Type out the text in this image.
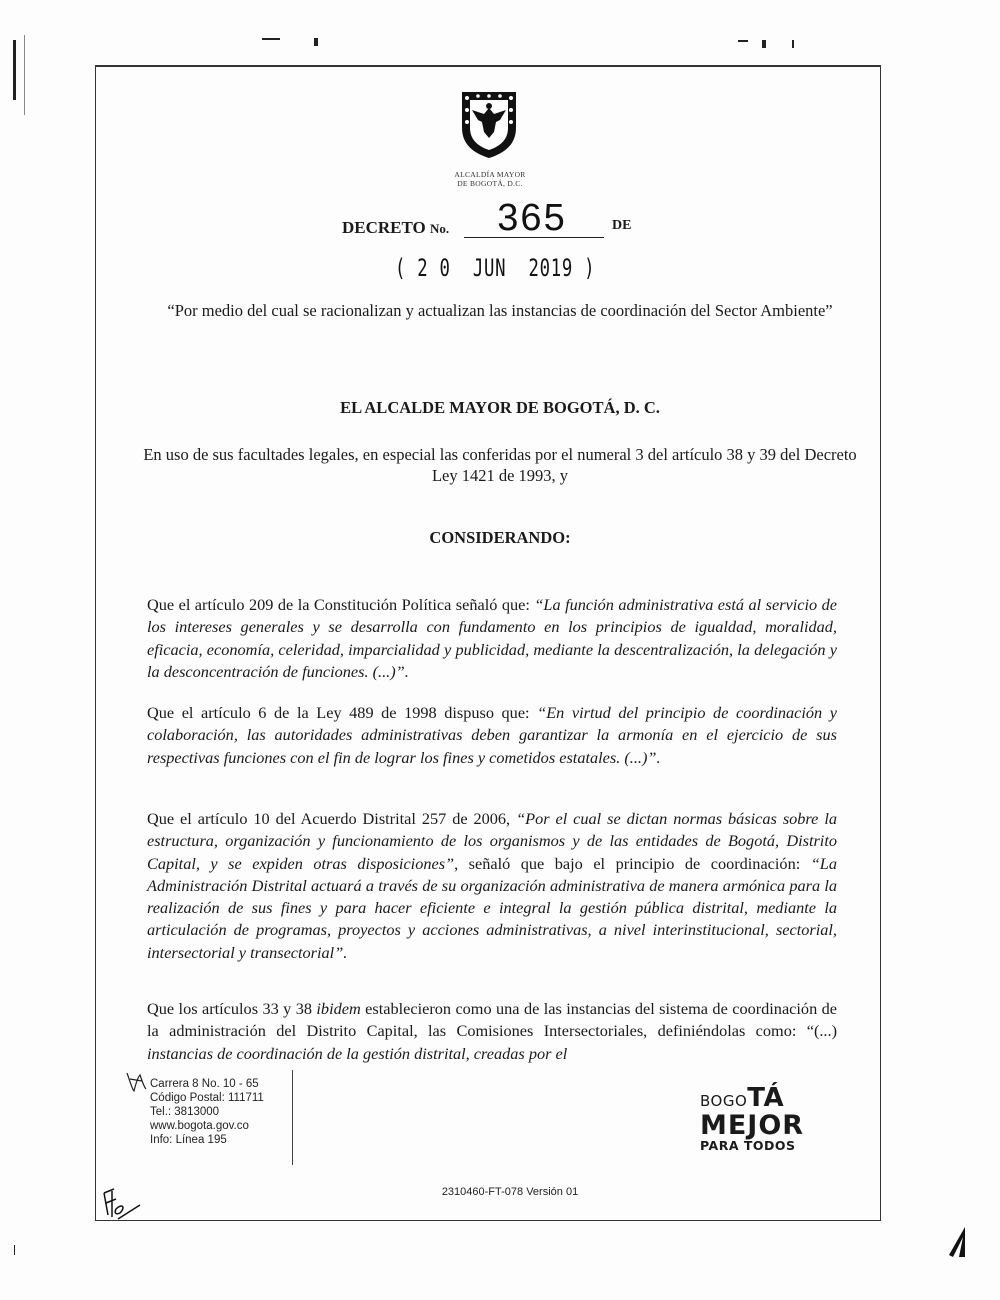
ALCALDÍA MAYOR
DE BOGOTÁ, D.C.
DECRETO No.	365	DE
( 2 0  JUN  2019 )
“Por medio del cual se racionalizan y actualizan las instancias de coordinación del Sector Ambiente”
EL ALCALDE MAYOR DE BOGOTÁ, D. C.
En uso de sus facultades legales, en especial las conferidas por el numeral 3 del artículo 38 y 39 del Decreto Ley 1421 de 1993, y
CONSIDERANDO:
Que el artículo 209 de la Constitución Política señaló que: “La función administrativa está al servicio de los intereses generales y se desarrolla con fundamento en los principios de igualdad, moralidad, eficacia, economía, celeridad, imparcialidad y publicidad, mediante la descentralización, la delegación y la desconcentración de funciones. (...)”.
Que el artículo 6 de la Ley 489 de 1998 dispuso que: “En virtud del principio de coordinación y colaboración, las autoridades administrativas deben garantizar la armonía en el ejercicio de sus respectivas funciones con el fin de lograr los fines y cometidos estatales. (...)”.
Que el artículo 10 del Acuerdo Distrital 257 de 2006, “Por el cual se dictan normas básicas sobre la estructura, organización y funcionamiento de los organismos y de las entidades de Bogotá, Distrito Capital, y se expiden otras disposiciones”, señaló que bajo el principio de coordinación: “La Administración Distrital actuará a través de su organización administrativa de manera armónica para la realización de sus fines y para hacer eficiente e integral la gestión pública distrital, mediante la articulación de programas, proyectos y acciones administrativas, a nivel interinstitucional, sectorial, intersectorial y transectorial”.
Que los artículos 33 y 38 ibidem establecieron como una de las instancias del sistema de coordinación de la administración del Distrito Capital, las Comisiones Intersectoriales, definiéndolas como: “(...) instancias de coordinación de la gestión distrital, creadas por el
Carrera 8 No. 10 - 65
Código Postal: 111711
Tel.: 3813000
www.bogota.gov.co
Info: Línea 195
BOGOTÁ
MEJOR
PARA TODOS
2310460-FT-078 Versión 01
